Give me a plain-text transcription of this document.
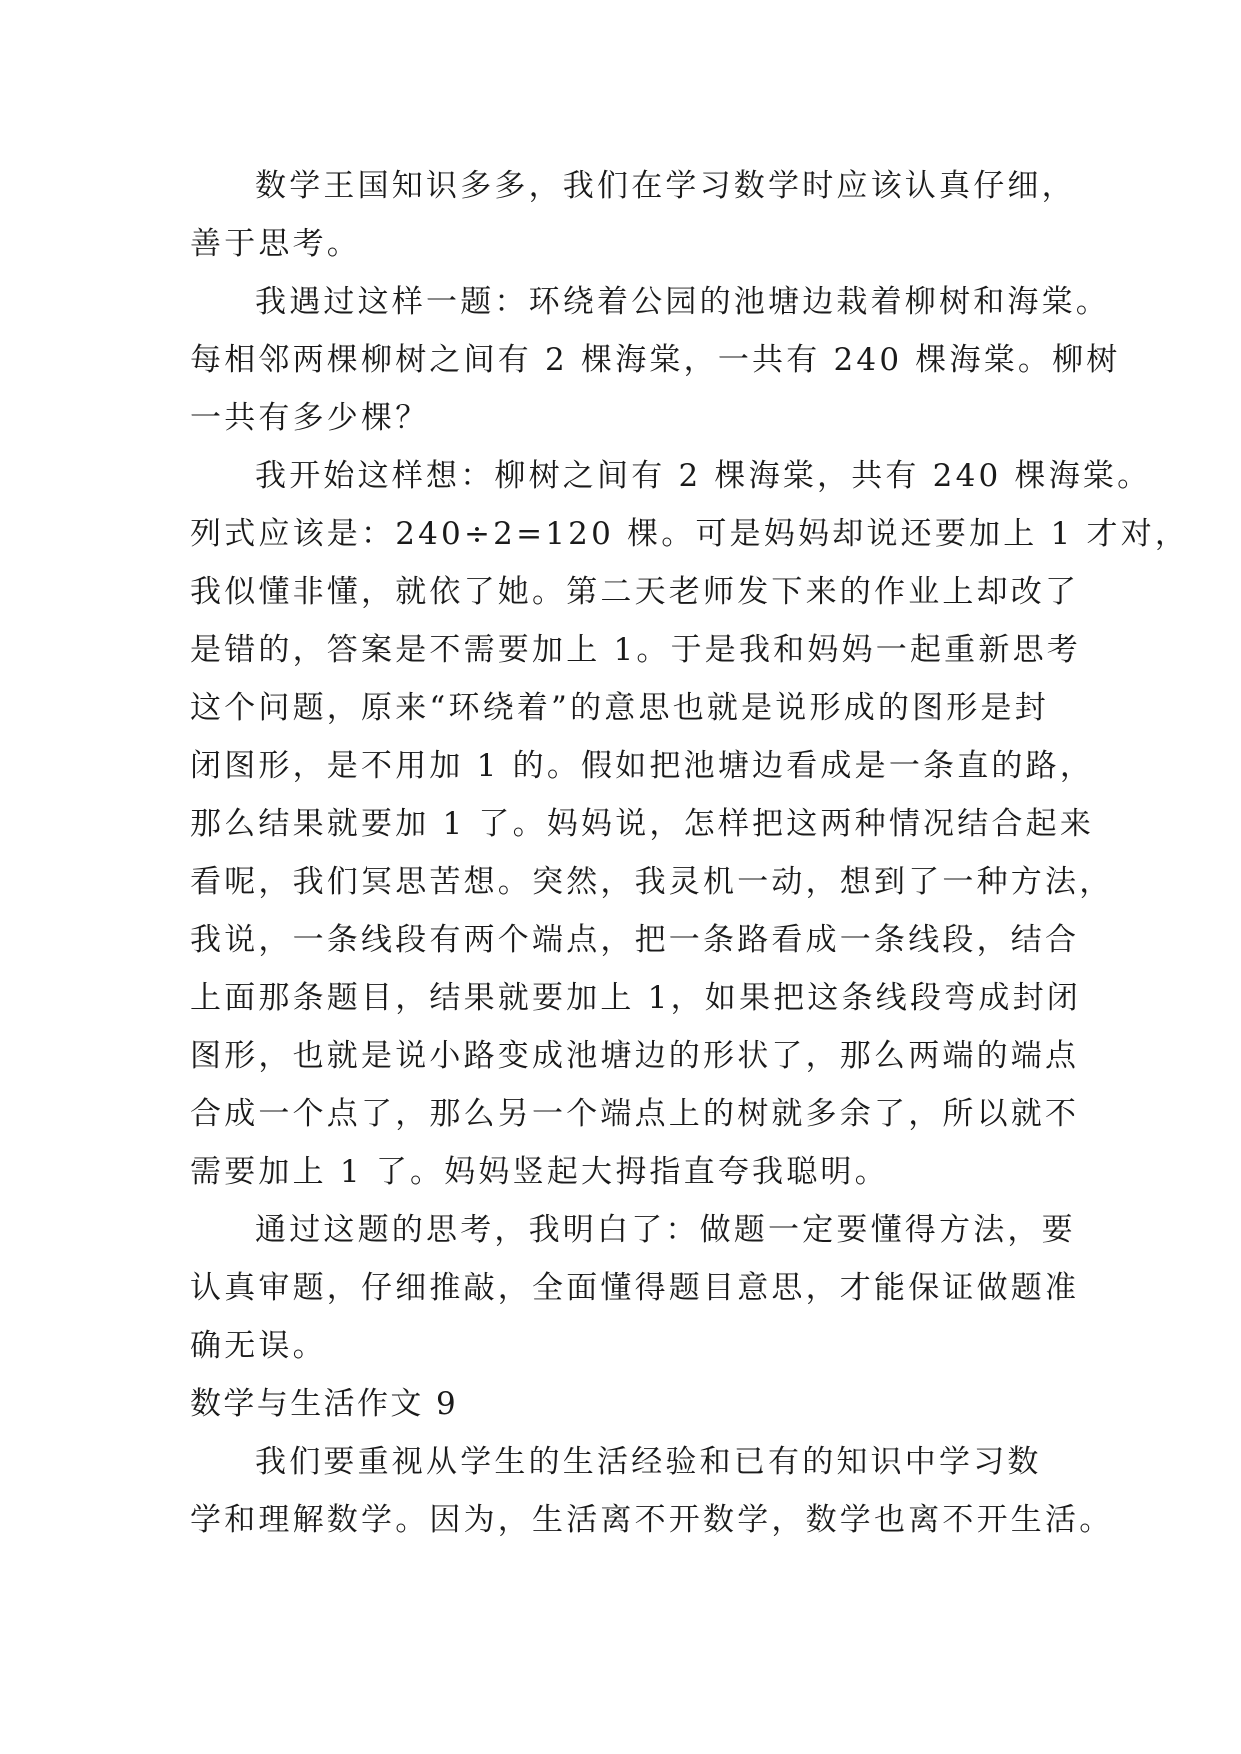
数学王国知识多多，我们在学习数学时应该认真仔细，
善于思考。
我遇过这样一题：环绕着公园的池塘边栽着柳树和海棠。
每相邻两棵柳树之间有 2 棵海棠，一共有 240 棵海棠。柳树
一共有多少棵？
我开始这样想：柳树之间有 2 棵海棠，共有 240 棵海棠。
列式应该是：240÷2=120 棵。可是妈妈却说还要加上 1 才对，
我似懂非懂，就依了她。第二天老师发下来的作业上却改了
是错的，答案是不需要加上 1。于是我和妈妈一起重新思考
这个问题，原来“环绕着”的意思也就是说形成的图形是封
闭图形，是不用加 1 的。假如把池塘边看成是一条直的路，
那么结果就要加 1 了。妈妈说，怎样把这两种情况结合起来
看呢，我们冥思苦想。突然，我灵机一动，想到了一种方法，
我说，一条线段有两个端点，把一条路看成一条线段，结合
上面那条题目，结果就要加上 1，如果把这条线段弯成封闭
图形，也就是说小路变成池塘边的形状了，那么两端的端点
合成一个点了，那么另一个端点上的树就多余了，所以就不
需要加上 1 了。妈妈竖起大拇指直夸我聪明。
通过这题的思考，我明白了：做题一定要懂得方法，要
认真审题，仔细推敲，全面懂得题目意思，才能保证做题准
确无误。
数学与生活作文 9
我们要重视从学生的生活经验和已有的知识中学习数
学和理解数学。因为，生活离不开数学，数学也离不开生活。
